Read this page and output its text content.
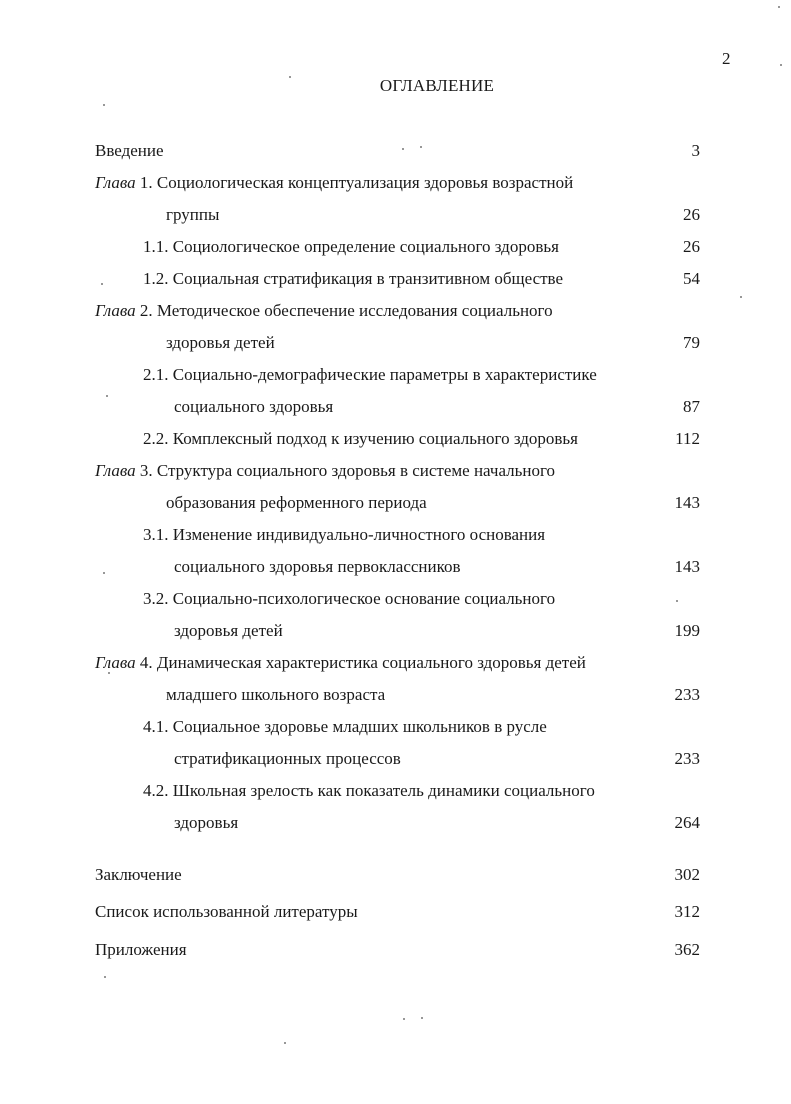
2
ОГЛАВЛЕНИЕ
Введение	3
Глава 1. Социологическая концептуализация здоровья возрастной
группы	26
1.1. Социологическое определение социального здоровья	26
1.2. Социальная стратификация в транзитивном обществе	54
Глава 2. Методическое обеспечение исследования социального
здоровья детей	79
2.1. Социально-демографические параметры в характеристике
социального здоровья	87
2.2. Комплексный подход к изучению социального здоровья	112
Глава 3. Структура социального здоровья в системе начального
образования реформенного периода	143
3.1. Изменение индивидуально-личностного основания
социального здоровья первоклассников	143
3.2. Социально-психологическое основание социального
здоровья детей	199
Глава 4. Динамическая характеристика социального здоровья детей
младшего школьного возраста	233
4.1. Социальное здоровье младших школьников в русле
стратификационных процессов	233
4.2. Школьная зрелость как показатель динамики социального
здоровья	264
Заключение	302
Список использованной литературы	312
Приложения	362
